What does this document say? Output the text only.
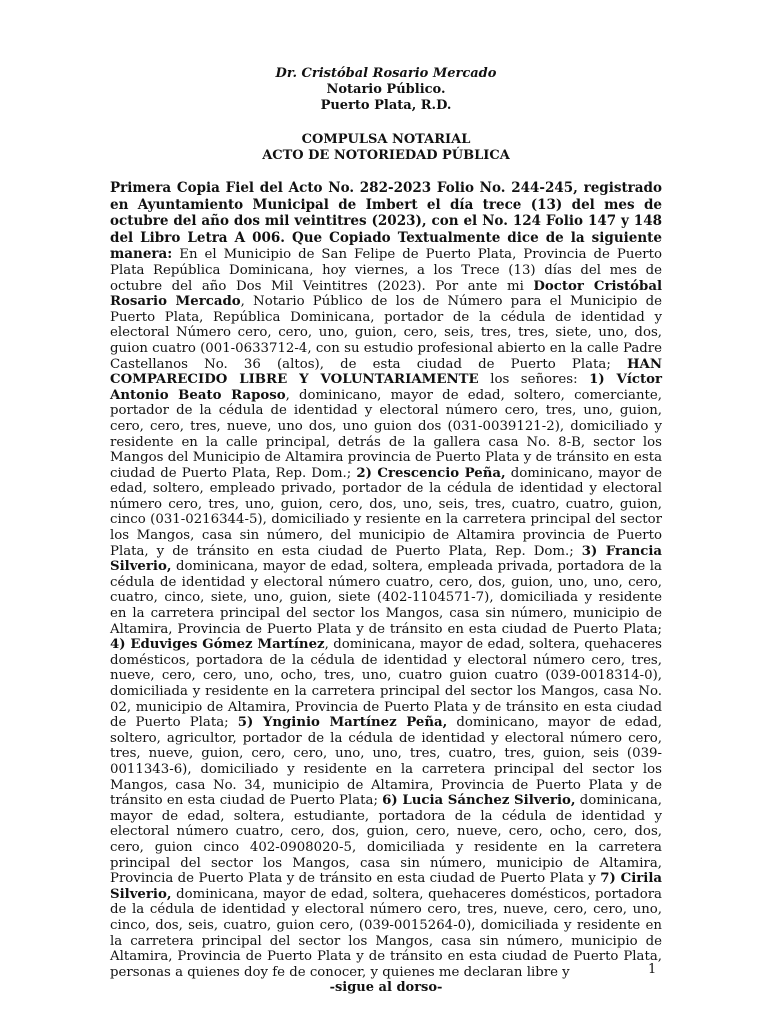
Dr. Cristóbal Rosario Mercado

Notario Público.

Puerto Plata, R.D.

COMPULSA NOTARIAL

ACTO DE NOTORIEDAD PÚBLICA

Primera Copia Fiel del Acto No. 282-2023 Folio No. 244-245, registrado en Ayuntamiento Municipal de Imbert el día trece (13) del mes de octubre del año dos mil veintitres (2023), con el No. 124 Folio 147 y 148 del Libro Letra A 006. Que Copiado Textualmente dice de la siguiente manera: En el Municipio de San Felipe de Puerto Plata, Provincia de Puerto Plata República Dominicana, hoy viernes, a los Trece (13) días del mes de octubre del año Dos Mil Veintitres (2023). Por ante mi Doctor Cristóbal Rosario Mercado, Notario Público de los de Número para el Municipio de Puerto Plata, República Dominicana, portador de la cédula de identidad y electoral Número cero, cero, uno, guion, cero, seis, tres, tres, siete, uno, dos, guion cuatro (001-0633712-4, con su estudio profesional abierto en la calle Padre Castellanos No. 36 (altos), de esta ciudad de Puerto Plata; HAN COMPARECIDO LIBRE Y VOLUNTARIAMENTE los señores: 1) Víctor Antonio Beato Raposo, dominicano, mayor de edad, soltero, comerciante, portador de la cédula de identidad y electoral número cero, tres, uno, guion, cero, cero, tres, nueve, uno dos, uno guion dos (031-0039121-2), domiciliado y residente en la calle principal, detrás de la gallera casa No. 8-B, sector los Mangos del Municipio de Altamira provincia de Puerto Plata y de tránsito en esta ciudad de Puerto Plata, Rep. Dom.; 2) Crescencio Peña, dominicano, mayor de edad, soltero, empleado privado, portador de la cédula de identidad y electoral número cero, tres, uno, guion, cero, dos, uno, seis, tres, cuatro, cuatro, guion, cinco (031-0216344-5), domiciliado y resiente en la carretera principal del sector los Mangos, casa sin número, del municipio de Altamira provincia de Puerto Plata, y de tránsito en esta ciudad de Puerto Plata, Rep. Dom.; 3) Francia Silverio, dominicana, mayor de edad, soltera, empleada privada, portadora de la cédula de identidad y electoral número cuatro, cero, dos, guion, uno, uno, cero, cuatro, cinco, siete, uno, guion, siete (402-1104571-7), domiciliada y residente en la carretera principal del sector los Mangos, casa sin número, municipio de Altamira, Provincia de Puerto Plata y de tránsito en esta ciudad de Puerto Plata; 4) Eduviges Gómez Martínez, dominicana, mayor de edad, soltera, quehaceres domésticos, portadora de la cédula de identidad y electoral número cero, tres, nueve, cero, cero, uno, ocho, tres, uno, cuatro guion cuatro (039-0018314-0), domiciliada y residente en la carretera principal del sector los Mangos, casa No. 02, municipio de Altamira, Provincia de Puerto Plata y de tránsito en esta ciudad de Puerto Plata; 5) Ynginio Martínez Peña, dominicano, mayor de edad, soltero, agricultor, portador de la cédula de identidad y electoral número cero, tres, nueve, guion, cero, cero, uno, uno, tres, cuatro, tres, guion, seis (039-0011343-6), domiciliado y residente en la carretera principal del sector los Mangos, casa No. 34, municipio de Altamira, Provincia de Puerto Plata y de tránsito en esta ciudad de Puerto Plata; 6) Lucia Sánchez Silverio, dominicana, mayor de edad, soltera, estudiante, portadora de la cédula de identidad y electoral número cuatro, cero, dos, guion, cero, nueve, cero, ocho, cero, dos, cero, guion cinco 402-0908020-5, domiciliada y residente en la carretera principal del sector los Mangos, casa sin número, municipio de Altamira, Provincia de Puerto Plata y de tránsito en esta ciudad de Puerto Plata y 7) Cirila Silverio, dominicana, mayor de edad, soltera, quehaceres domésticos, portadora de la cédula de identidad y electoral número cero, tres, nueve, cero, cero, uno, cinco, dos, seis, cuatro, guion cero, (039-0015264-0), domiciliada y residente en la carretera principal del sector los Mangos, casa sin número, municipio de Altamira, Provincia de Puerto Plata y de tránsito en esta ciudad de Puerto Plata, personas a quienes doy fe de conocer, y quienes me declaran libre y

-sigue al dorso-

1
